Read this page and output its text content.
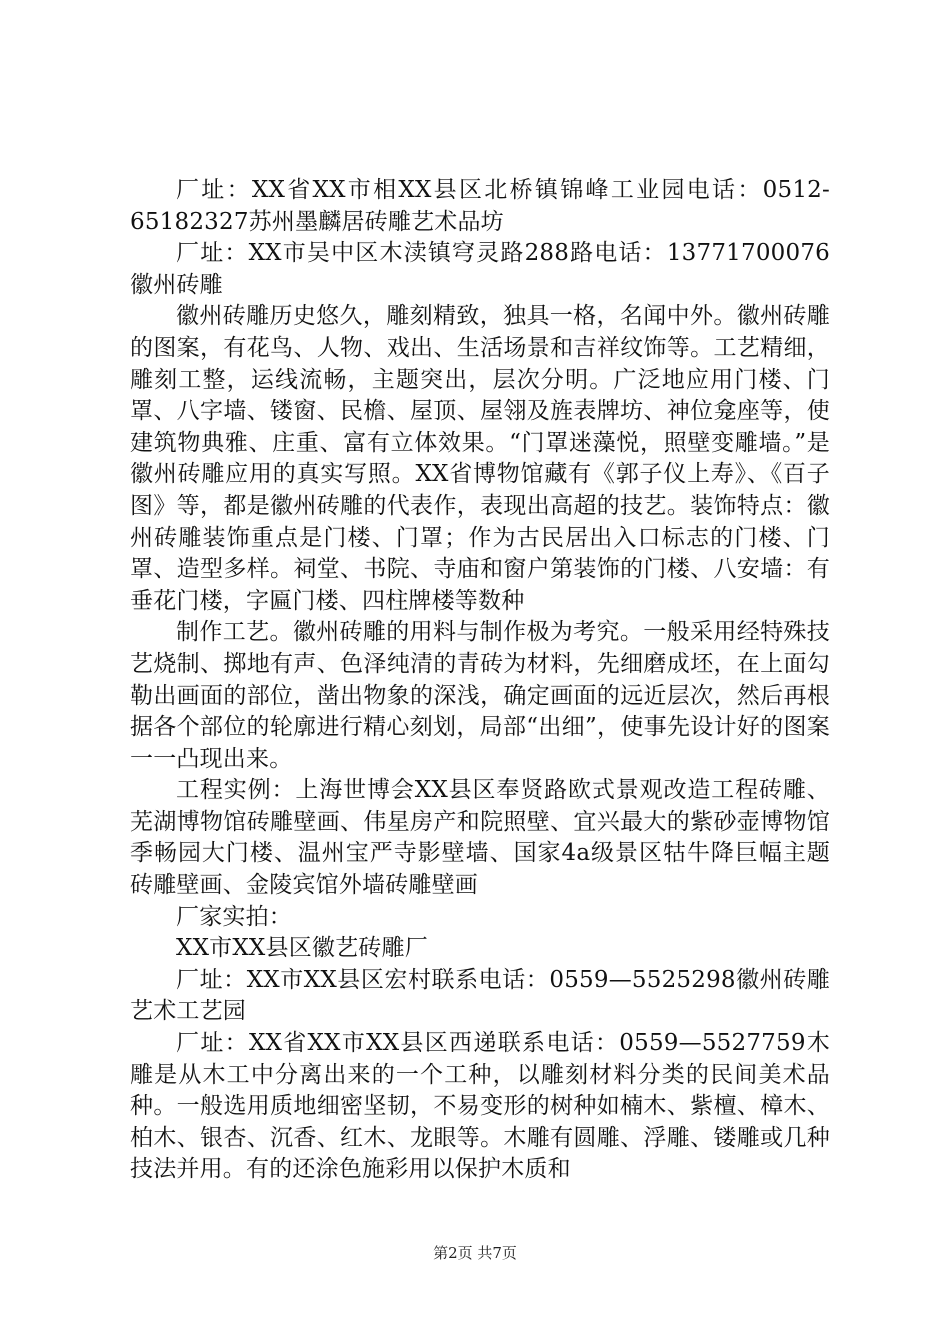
厂址：XX省XX市相XX县区北桥镇锦峰工业园电话：0512-65182327苏州墨麟居砖雕艺术品坊

厂址：XX市吴中区木渎镇穹灵路288路电话：13771700076徽州砖雕

徽州砖雕历史悠久，雕刻精致，独具一格，名闻中外。徽州砖雕的图案，有花鸟、人物、戏出、生活场景和吉祥纹饰等。工艺精细，雕刻工整，运线流畅，主题突出，层次分明。广泛地应用门楼、门罩、八字墙、镂窗、民檐、屋顶、屋翎及旌表牌坊、神位龛座等，使建筑物典雅、庄重、富有立体效果。“门罩迷藻悦，照壁变雕墙。”是徽州砖雕应用的真实写照。XX省博物馆藏有《郭子仪上寿》、《百子图》等，都是徽州砖雕的代表作，表现出高超的技艺。装饰特点：徽州砖雕装饰重点是门楼、门罩；作为古民居出入口标志的门楼、门罩、造型多样。祠堂、书院、寺庙和窗户第装饰的门楼、八安墙：有垂花门楼，字匾门楼、四柱牌楼等数种

制作工艺。徽州砖雕的用料与制作极为考究。一般采用经特殊技艺烧制、掷地有声、色泽纯清的青砖为材料，先细磨成坯，在上面勾勒出画面的部位，凿出物象的深浅，确定画面的远近层次，然后再根据各个部位的轮廓进行精心刻划，局部“出细”，使事先设计好的图案一一凸现出来。

工程实例：上海世博会XX县区奉贤路欧式景观改造工程砖雕、芜湖博物馆砖雕壁画、伟星房产和院照壁、宜兴最大的紫砂壶博物馆季畅园大门楼、温州宝严寺影壁墙、国家4a级景区牯牛降巨幅主题砖雕壁画、金陵宾馆外墙砖雕壁画

厂家实拍：

XX市XX县区徽艺砖雕厂

厂址：XX市XX县区宏村联系电话：0559—5525298徽州砖雕艺术工艺园

厂址：XX省XX市XX县区西递联系电话：0559—5527759木雕是从木工中分离出来的一个工种，以雕刻材料分类的民间美术品种。一般选用质地细密坚韧，不易变形的树种如楠木、紫檀、樟木、柏木、银杏、沉香、红木、龙眼等。木雕有圆雕、浮雕、镂雕或几种技法并用。有的还涂色施彩用以保护木质和

第2页 共7页
